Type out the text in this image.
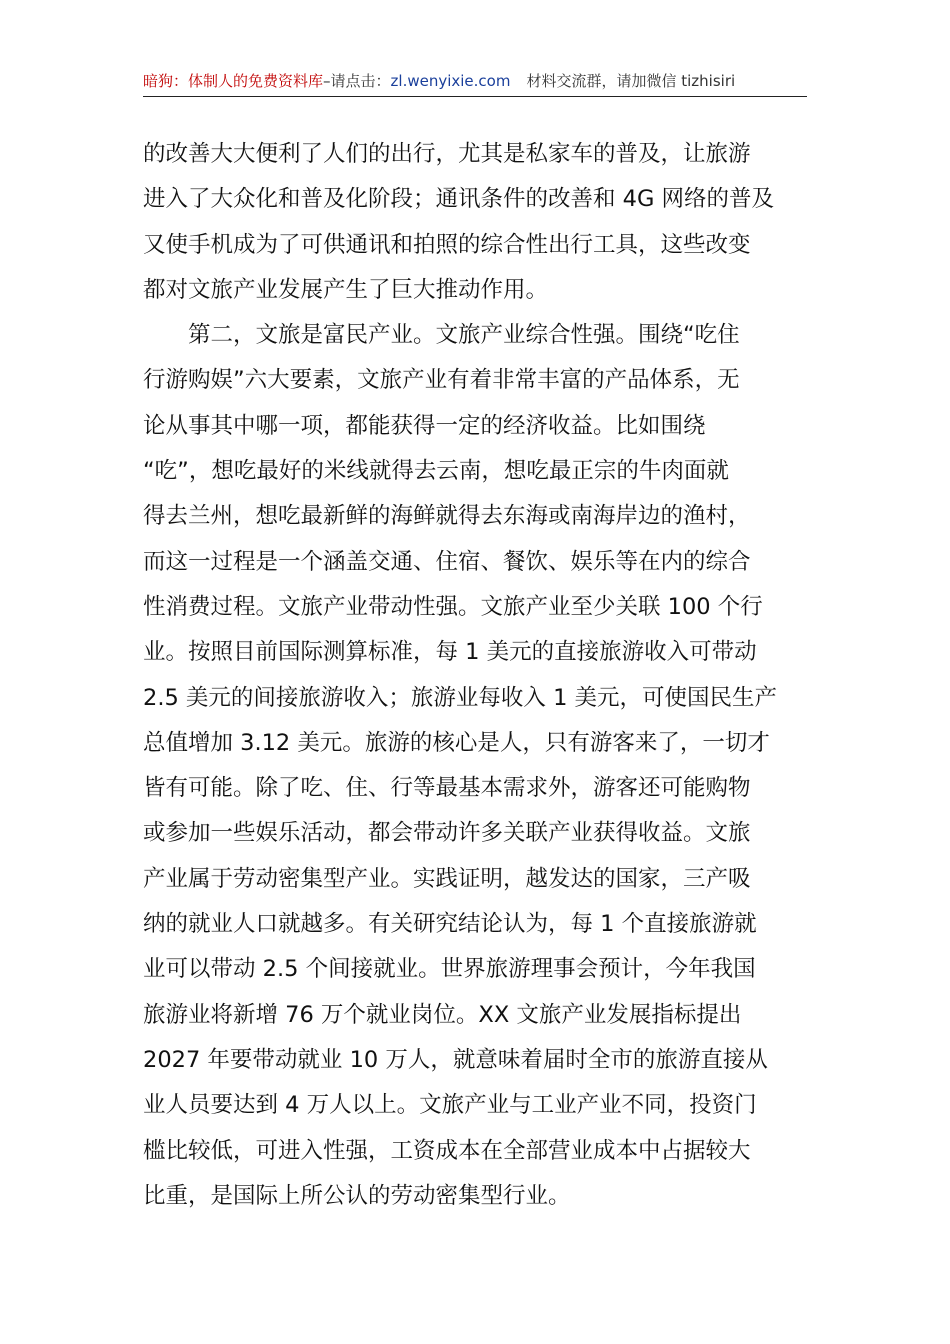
暗狗：体制人的免费资料库–请点击：zl.wenyixie.com 材料交流群，请加微信 tizhisiri
的改善大大便利了人们的出行，尤其是私家车的普及，让旅游
进入了大众化和普及化阶段；通讯条件的改善和 4G 网络的普及
又使手机成为了可供通讯和拍照的综合性出行工具，这些改变
都对文旅产业发展产生了巨大推动作用。
第二，文旅是富民产业。文旅产业综合性强。围绕“吃住
行游购娱”六大要素，文旅产业有着非常丰富的产品体系，无
论从事其中哪一项，都能获得一定的经济收益。比如围绕
“吃”，想吃最好的米线就得去云南，想吃最正宗的牛肉面就
得去兰州，想吃最新鲜的海鲜就得去东海或南海岸边的渔村，
而这一过程是一个涵盖交通、住宿、餐饮、娱乐等在内的综合
性消费过程。文旅产业带动性强。文旅产业至少关联 100 个行
业。按照目前国际测算标准，每 1 美元的直接旅游收入可带动
2.5 美元的间接旅游收入；旅游业每收入 1 美元，可使国民生产
总值增加 3.12 美元。旅游的核心是人，只有游客来了，一切才
皆有可能。除了吃、住、行等最基本需求外，游客还可能购物
或参加一些娱乐活动，都会带动许多关联产业获得收益。文旅
产业属于劳动密集型产业。实践证明，越发达的国家，三产吸
纳的就业人口就越多。有关研究结论认为，每 1 个直接旅游就
业可以带动 2.5 个间接就业。世界旅游理事会预计，今年我国
旅游业将新增 76 万个就业岗位。XX 文旅产业发展指标提出
2027 年要带动就业 10 万人，就意味着届时全市的旅游直接从
业人员要达到 4 万人以上。文旅产业与工业产业不同，投资门
槛比较低，可进入性强，工资成本在全部营业成本中占据较大
比重，是国际上所公认的劳动密集型行业。
